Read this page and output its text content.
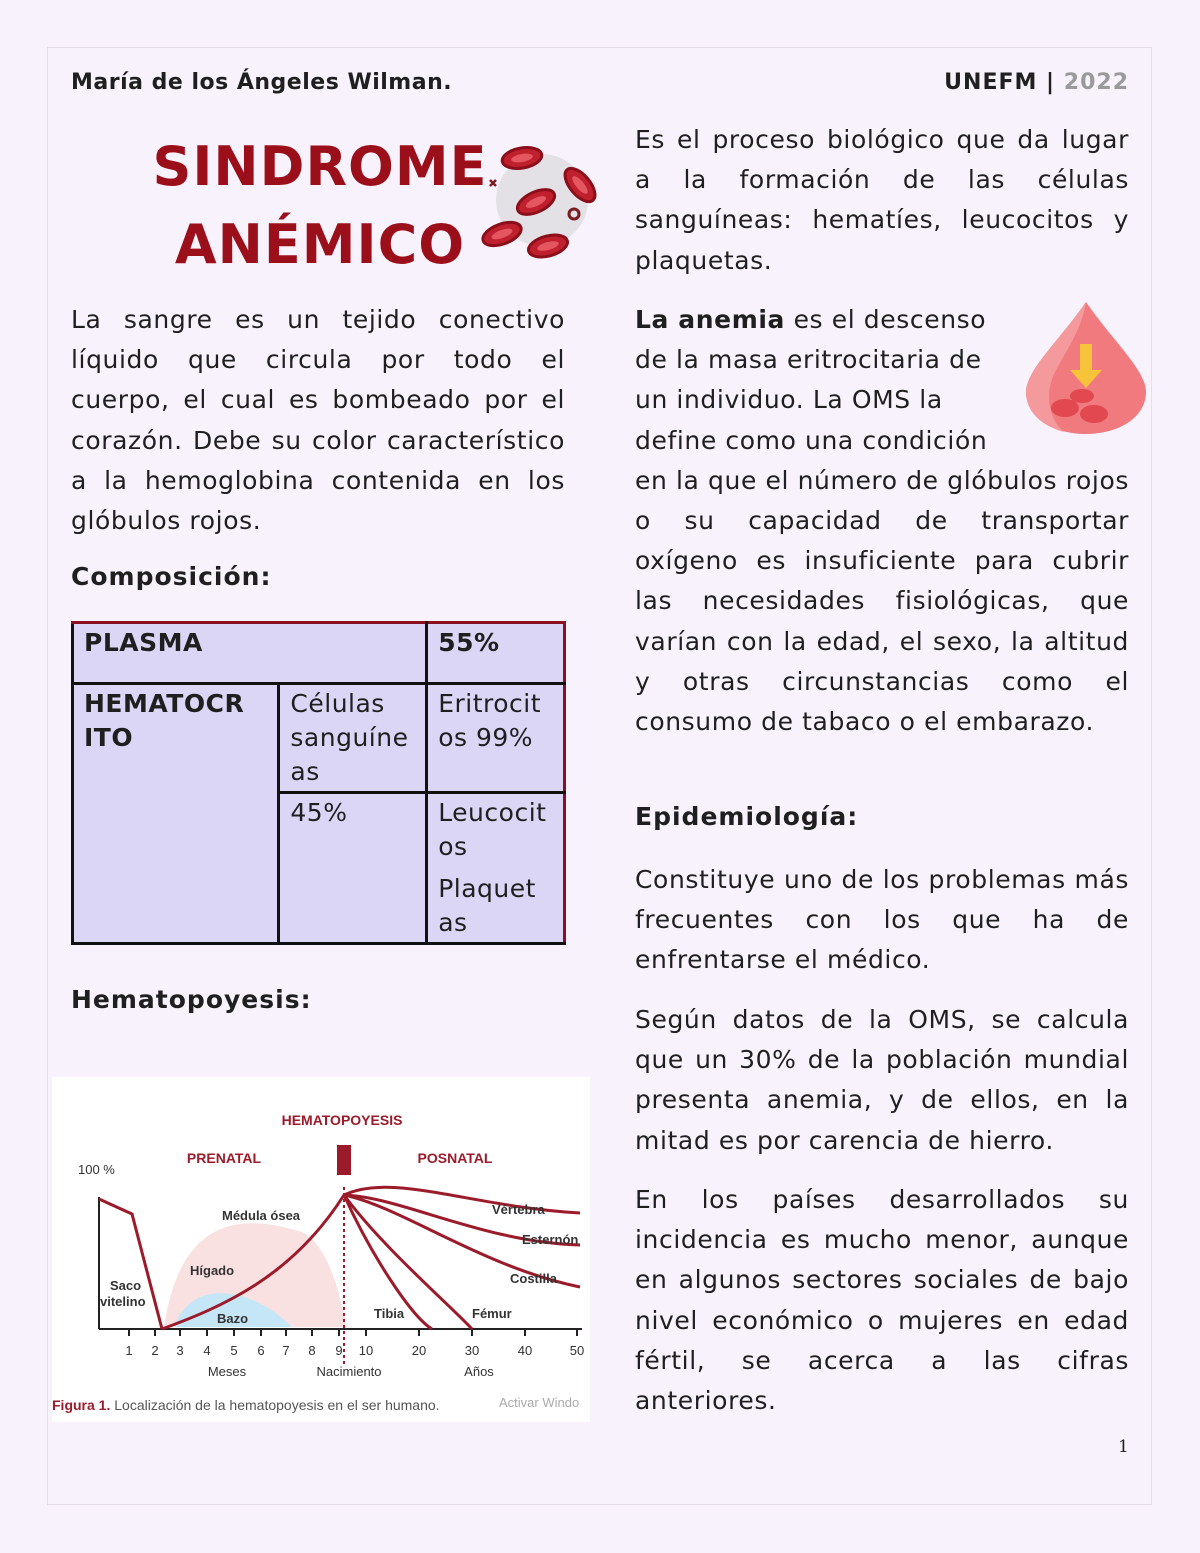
María de los Ángeles Wilman.	UNEFM | 2022
SINDROME
ANÉMICO
La sangre es un tejido conectivo líquido que circula por todo el cuerpo, el cual es bombeado por el corazón. Debe su color característico a la hemoglobina contenida en los glóbulos rojos.
Composición:
PLASMA		55%
HEMATOCR ITO	Células sanguíne as	Eritrocit os 99%
	45%	Leucocit os
Plaquet as
Hematopoyesis:
HEMATOPOYESIS
PRENATAL	POSNATAL
100 %
Médula ósea
Hígado
Saco
vitelino
Bazo	Tibia	Fémur
Vértebra
Esternón
Costilla
1 2 3 4 5 6 7 8 9 10	20	30	40	50
Meses	Nacimiento	Años
Figura 1. Localización de la hematopoyesis en el ser humano.	Activar Windo
Es el proceso biológico que da lugar a la formación de las células sanguíneas: hematíes, leucocitos y plaquetas.
La anemia es el descenso
de la masa eritrocitaria de
un individuo. La OMS la
define como una condición
en la que el número de glóbulos rojos o su capacidad de transportar oxígeno es insuficiente para cubrir las necesidades fisiológicas, que varían con la edad, el sexo, la altitud y otras circunstancias como el consumo de tabaco o el embarazo.
Epidemiología:
Constituye uno de los problemas más frecuentes con los que ha de enfrentarse el médico.
Según datos de la OMS, se calcula que un 30% de la población mundial presenta anemia, y de ellos, en la mitad es por carencia de hierro.
En los países desarrollados su incidencia es mucho menor, aunque en algunos sectores sociales de bajo nivel económico o mujeres en edad fértil, se acerca a las cifras anteriores.
1
